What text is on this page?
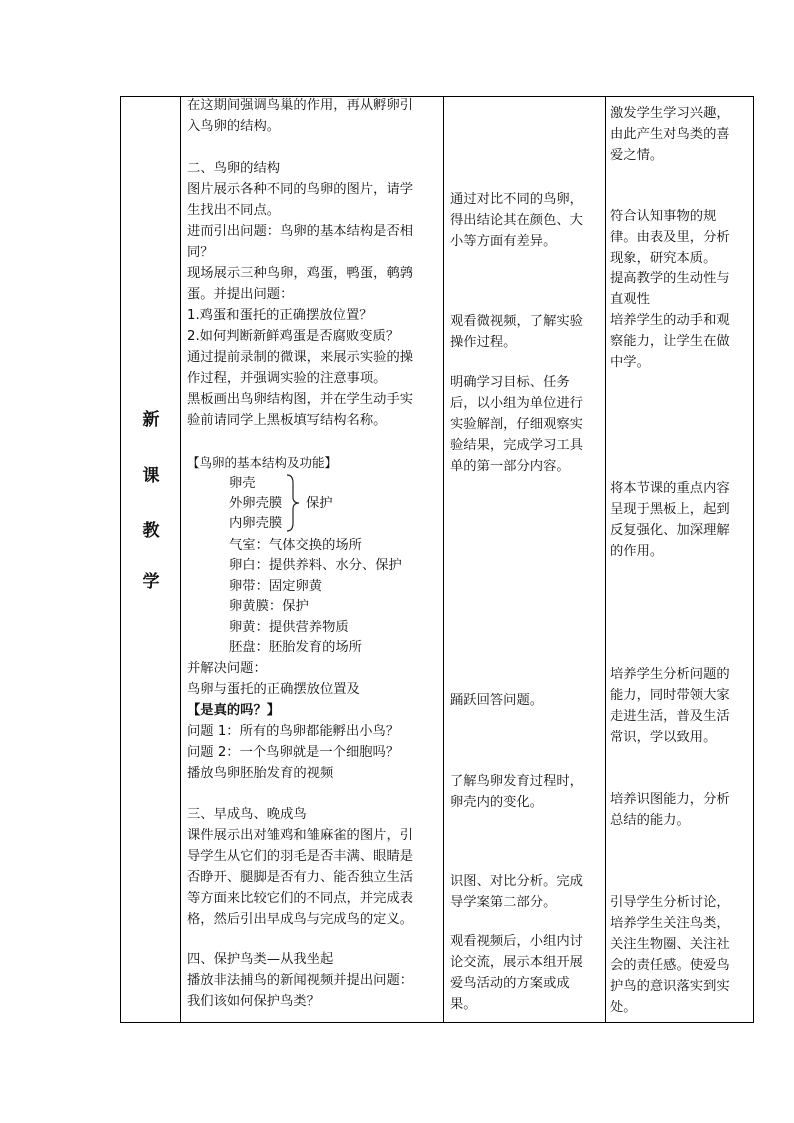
新
课
教
学
在这期间强调鸟巢的作用，再从孵卵引
入鸟卵的结构。
二、鸟卵的结构
图片展示各种不同的鸟卵的图片，请学
生找出不同点。
进而引出问题：鸟卵的基本结构是否相
同？
现场展示三种鸟卵，鸡蛋，鸭蛋，鹌鹑
蛋。并提出问题：
1.鸡蛋和蛋托的正确摆放位置？
2.如何判断新鲜鸡蛋是否腐败变质？
通过提前录制的微课，来展示实验的操
作过程，并强调实验的注意事项。
黑板画出鸟卵结构图，并在学生动手实
验前请同学上黑板填写结构名称。
【鸟卵的基本结构及功能】
卵壳
外卵壳膜
内卵壳膜
保护
气室：气体交换的场所
卵白：提供养料、水分、保护
卵带：固定卵黄
卵黄膜：保护
卵黄：提供营养物质
胚盘：胚胎发育的场所
并解决问题：
鸟卵与蛋托的正确摆放位置及
【是真的吗？】
问题 1：所有的鸟卵都能孵出小鸟？
问题 2：一个鸟卵就是一个细胞吗？
播放鸟卵胚胎发育的视频
三、早成鸟、晚成鸟
课件展示出对雏鸡和雏麻雀的图片，引
导学生从它们的羽毛是否丰满、眼睛是
否睁开、腿脚是否有力、能否独立生活
等方面来比较它们的不同点，并完成表
格，然后引出早成鸟与完成鸟的定义。
四、保护鸟类—从我坐起
播放非法捕鸟的新闻视频并提出问题：
我们该如何保护鸟类？
通过对比不同的鸟卵，
得出结论其在颜色、大
小等方面有差异。
观看微视频，了解实验
操作过程。
明确学习目标、任务
后，以小组为单位进行
实验解剖，仔细观察实
验结果，完成学习工具
单的第一部分内容。
踊跃回答问题。
了解鸟卵发育过程时，
卵壳内的变化。
识图、对比分析。完成
导学案第二部分。
观看视频后，小组内讨
论交流，展示本组开展
爱鸟活动的方案或成
果。
激发学生学习兴趣，
由此产生对鸟类的喜
爱之情。
符合认知事物的规
律。由表及里，分析
现象，研究本质。
提高教学的生动性与
直观性
培养学生的动手和观
察能力，让学生在做
中学。
将本节课的重点内容
呈现于黑板上，起到
反复强化、加深理解
的作用。
培养学生分析问题的
能力，同时带领大家
走进生活，普及生活
常识，学以致用。
培养识图能力，分析
总结的能力。
引导学生分析讨论，
培养学生关注鸟类，
关注生物圈、关注社
会的责任感。使爱鸟
护鸟的意识落实到实
处。
